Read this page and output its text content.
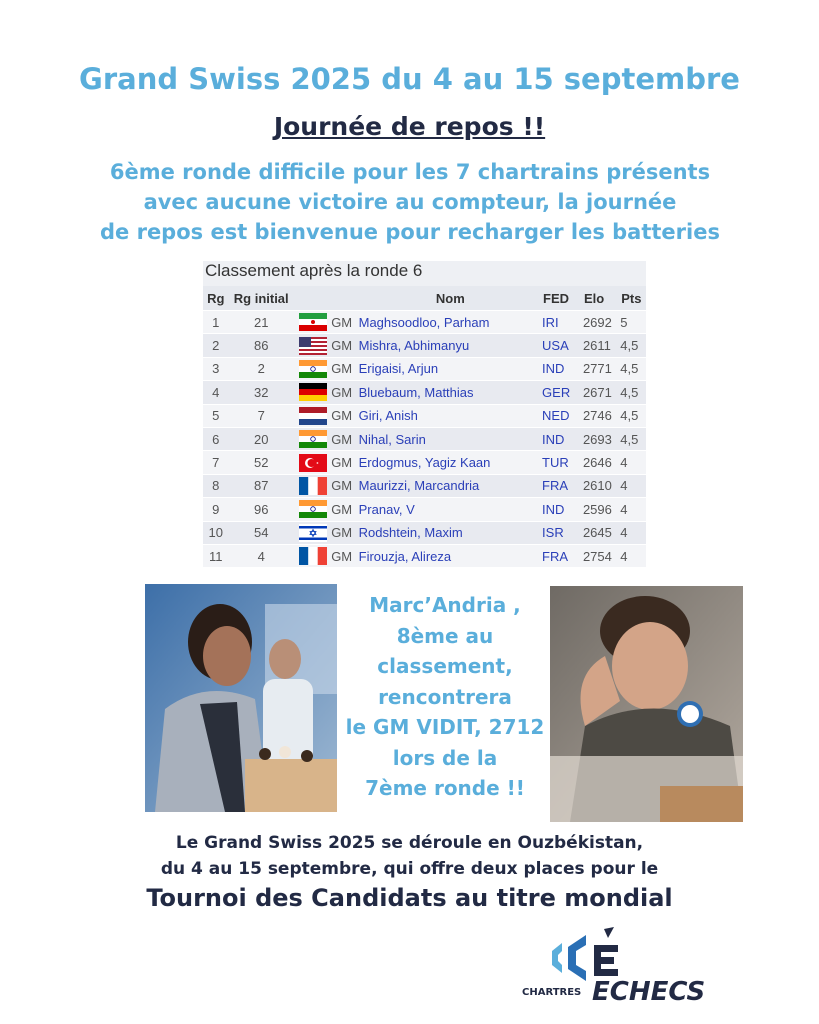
Grand Swiss 2025 du 4 au 15 septembre
Journée de repos !!
6ème ronde difficile pour les 7 chartrains présents
avec aucune victoire au compteur, la journée
de repos est bienvenue pour recharger les batteries
Classement après la ronde 6
Rg	Rg initial			Nom	FED	Elo	Pts
1	21		GM	Maghsoodloo, Parham	IRI	2692	5
2	86		GM	Mishra, Abhimanyu	USA	2611	4,5
3	2		GM	Erigaisi, Arjun	IND	2771	4,5
4	32		GM	Bluebaum, Matthias	GER	2671	4,5
5	7		GM	Giri, Anish	NED	2746	4,5
6	20		GM	Nihal, Sarin	IND	2693	4,5
7	52		GM	Erdogmus, Yagiz Kaan	TUR	2646	4
8	87		GM	Maurizzi, Marcandria	FRA	2610	4
9	96		GM	Pranav, V	IND	2596	4
10	54		GM	Rodshtein, Maxim	ISR	2645	4
11	4		GM	Firouzja, Alireza	FRA	2754	4
Marc’Andria ,
8ème au
classement,
rencontrera
le GM VIDIT, 2712
lors de la
7ème ronde !!
Le Grand Swiss 2025 se déroule en Ouzbékistan,
du 4 au 15 septembre, qui offre deux places pour le
Tournoi des Candidats au titre mondial
CHARTRES ECHECS
